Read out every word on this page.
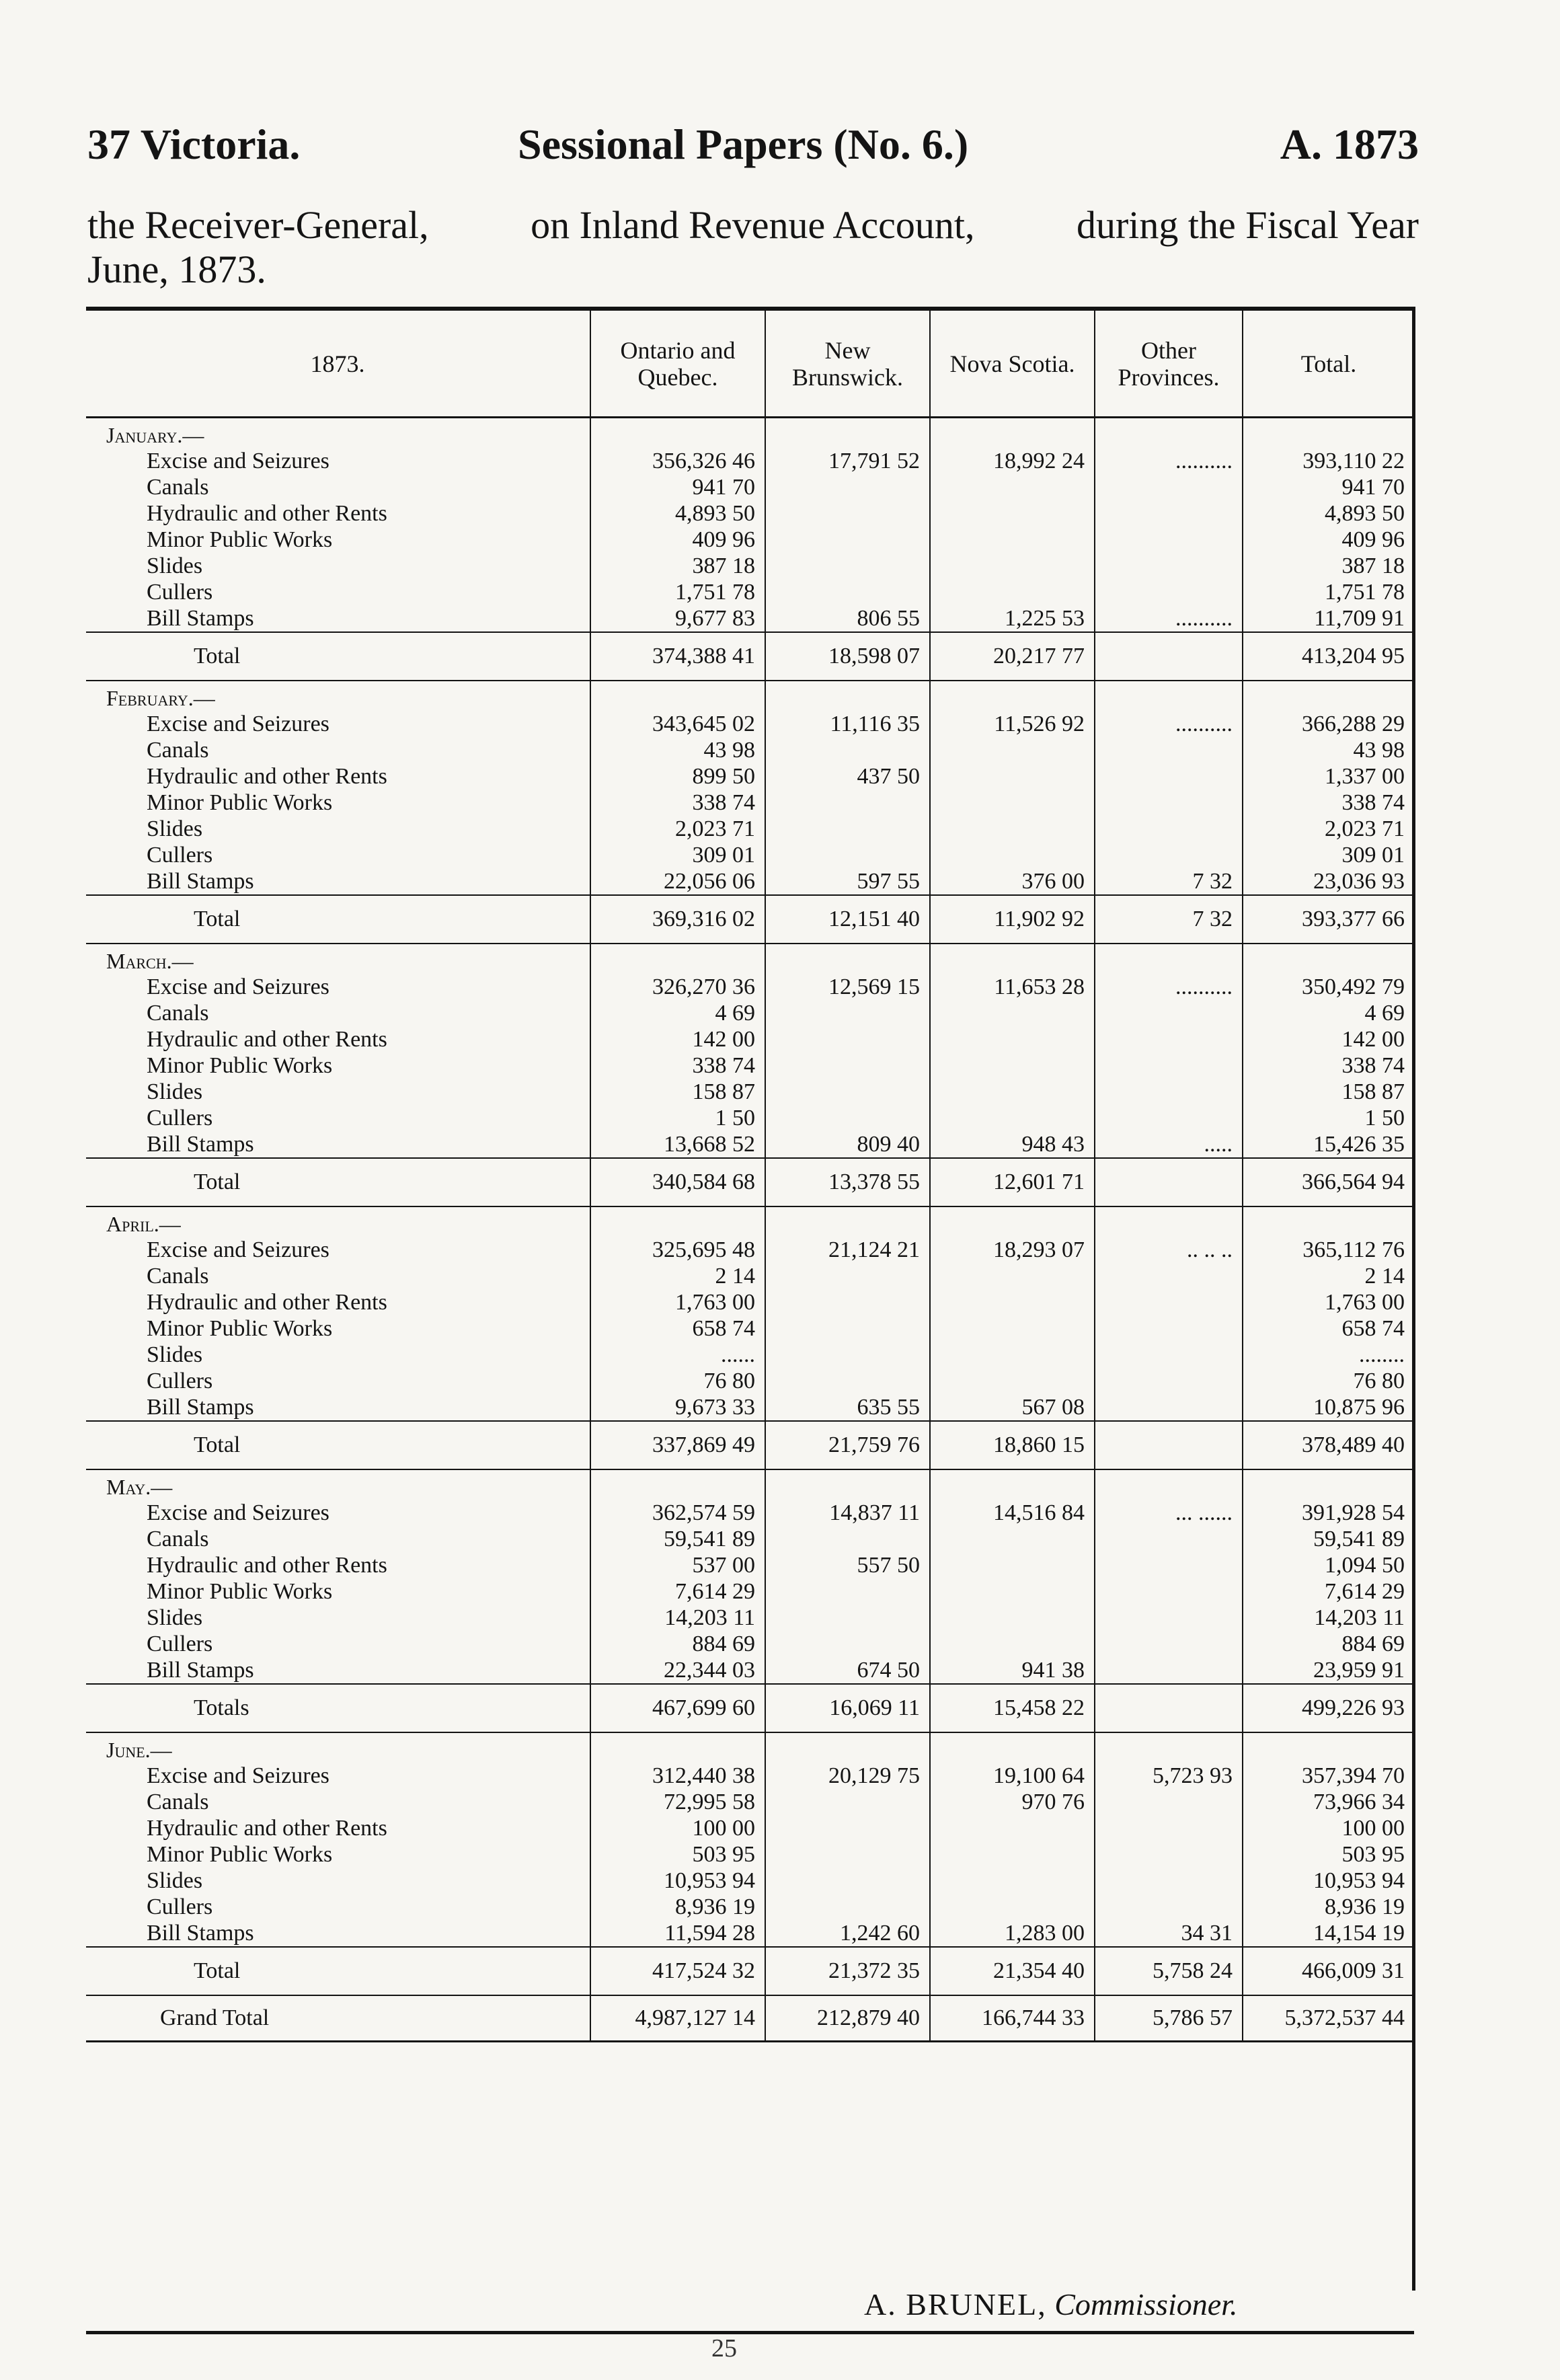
37 Victoria.	Sessional Papers (No. 6.)	A. 1873
the Receiver-General,	on Inland Revenue Account,	during the Fiscal Year
June, 1873.
1873.	Ontario and Quebec.	New Brunswick.	Nova Scotia.	Other Provinces.	Total.
January.—					
Excise and Seizures	356,326 46	17,791 52	18,992 24	..........	393,110 22
Canals	941 70				941 70
Hydraulic and other Rents	4,893 50				4,893 50
Minor Public Works	409 96				409 96
Slides	387 18				387 18
Cullers	1,751 78				1,751 78
Bill Stamps	9,677 83	806 55	1,225 53	..........	11,709 91
Total	374,388 41	18,598 07	20,217 77		413,204 95
February.—					
Excise and Seizures	343,645 02	11,116 35	11,526 92	..........	366,288 29
Canals	43 98				43 98
Hydraulic and other Rents	899 50	437 50			1,337 00
Minor Public Works	338 74				338 74
Slides	2,023 71				2,023 71
Cullers	309 01				309 01
Bill Stamps	22,056 06	597 55	376 00	7 32	23,036 93
Total	369,316 02	12,151 40	11,902 92	7 32	393,377 66
March.—					
Excise and Seizures	326,270 36	12,569 15	11,653 28	..........	350,492 79
Canals	4 69				4 69
Hydraulic and other Rents	142 00				142 00
Minor Public Works	338 74				338 74
Slides	158 87				158 87
Cullers	1 50				1 50
Bill Stamps	13,668 52	809 40	948 43	.....	15,426 35
Total	340,584 68	13,378 55	12,601 71		366,564 94
April.—					
Excise and Seizures	325,695 48	21,124 21	18,293 07	.. .. ..	365,112 76
Canals	2 14				2 14
Hydraulic and other Rents	1,763 00				1,763 00
Minor Public Works	658 74				658 74
Slides	......				........
Cullers	76 80				76 80
Bill Stamps	9,673 33	635 55	567 08		10,875 96
Total	337,869 49	21,759 76	18,860 15		378,489 40
May.—					
Excise and Seizures	362,574 59	14,837 11	14,516 84	... ......	391,928 54
Canals	59,541 89				59,541 89
Hydraulic and other Rents	537 00	557 50			1,094 50
Minor Public Works	7,614 29				7,614 29
Slides	14,203 11				14,203 11
Cullers	884 69				884 69
Bill Stamps	22,344 03	674 50	941 38		23,959 91
Totals	467,699 60	16,069 11	15,458 22		499,226 93
June.—					
Excise and Seizures	312,440 38	20,129 75	19,100 64	5,723 93	357,394 70
Canals	72,995 58		970 76		73,966 34
Hydraulic and other Rents	100 00				100 00
Minor Public Works	503 95				503 95
Slides	10,953 94				10,953 94
Cullers	8,936 19				8,936 19
Bill Stamps	11,594 28	1,242 60	1,283 00	34 31	14,154 19
Total	417,524 32	21,372 35	21,354 40	5,758 24	466,009 31
Grand Total	4,987,127 14	212,879 40	166,744 33	5,786 57	5,372,537 44
A. BRUNEL, Commissioner.
25
